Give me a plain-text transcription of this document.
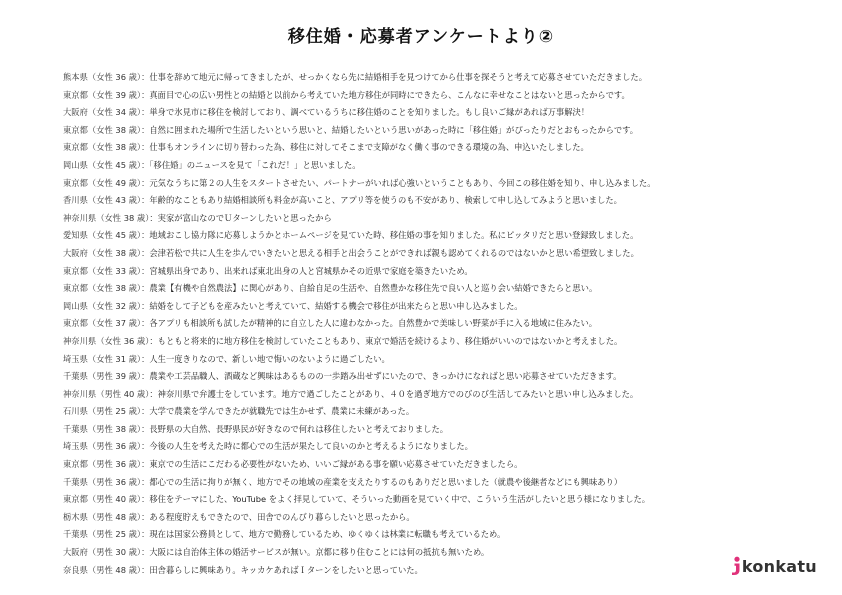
移住婚・応募者アンケートより②
熊本県（女性 36 歳）：仕事を辞めて地元に帰ってきましたが、せっかくなら先に結婚相手を見つけてから仕事を探そうと考えて応募させていただきました。
東京都（女性 39 歳）：真面目で心の広い男性との結婚と以前から考えていた地方移住が同時にできたら、こんなに幸せなことはないと思ったからです。
大阪府（女性 34 歳）：単身で氷見市に移住を検討しており、調べているうちに移住婚のことを知りました。もし良いご縁があれば万事解決！
東京都（女性 38 歳）：自然に囲まれた場所で生活したいという思いと、結婚したいという思いがあった時に「移住婚」がぴったりだとおもったからです。
東京都（女性 38 歳）：仕事もオンラインに切り替わった為、移住に対してそこまで支障がなく働く事のできる環境の為、申込いたしました。
岡山県（女性 45 歳）：「移住婚」のニュースを見て「これだ！」と思いました。
東京都（女性 49 歳）：元気なうちに第２の人生をスタートさせたい、パートナーがいれば心強いということもあり、今回この移住婚を知り、申し込みました。
香川県（女性 43 歳）：年齢的なこともあり結婚相談所も料金が高いこと、アプリ等を使うのも不安があり、検索して申し込してみようと思いました。
神奈川県（女性 38 歳）：実家が富山なのでＵターンしたいと思ったから
愛知県（女性 45 歳）：地域おこし協力隊に応募しようかとホームページを見ていた時、移住婚の事を知りました。私にピッタリだと思い登録致しました。
大阪府（女性 38 歳）：会津若松で共に人生を歩んでいきたいと思える相手と出会うことができれば親も認めてくれるのではないかと思い希望致しました。
東京都（女性 33 歳）：宮城県出身であり、出来れば東北出身の人と宮城県かその近県で家庭を築きたいため。
東京都（女性 38 歳）：農業【有機や自然農法】に関心があり、自給自足の生活や、自然豊かな移住先で良い人と巡り会い結婚できたらと思い。
岡山県（女性 32 歳）：結婚をして子どもを産みたいと考えていて、結婚する機会で移住が出来たらと思い申し込みました。
東京都（女性 37 歳）：各アプリも相談所も試したが精神的に自立した人に違わなかった。自然豊かで美味しい野菜が手に入る地域に住みたい。
神奈川県（女性 36 歳）：もともと将来的に地方移住を検討していたこともあり、東京で婚活を続けるより、移住婚がいいのではないかと考えました。
埼玉県（女性 31 歳）：人生一度きりなので、新しい地で悔いのないように過ごしたい。
千葉県（男性 39 歳）：農業や工芸品職人、酒蔵など興味はあるものの一歩踏み出せずにいたので、きっかけになればと思い応募させていただきます。
神奈川県（男性 40 歳）：神奈川県で弁護士をしています。地方で過ごしたことがあり、４０を過ぎ地方でのびのび生活してみたいと思い申し込みました。
石川県（男性 25 歳）：大学で農業を学んできたが就職先では生かせず、農業に未練があった。
千葉県（男性 38 歳）：長野県の大自然、長野県民が好きなので何れは移住したいと考えておりました。
埼玉県（男性 36 歳）：今後の人生を考えた時に都心での生活が果たして良いのかと考えるようになりました。
東京都（男性 36 歳）：東京での生活にこだわる必要性がないため、いいご縁がある事を願い応募させていただきましたら。
千葉県（男性 36 歳）：都心での生活に拘りが無く、地方でその地域の産業を支えたりするのもありだと思いました（就農や後継者などにも興味あり）
東京都（男性 40 歳）：移住をテーマにした、YouTube をよく拝見していて、そういった動画を見ていく中で、こういう生活がしたいと思う様になりました。
栃木県（男性 48 歳）：ある程度貯えもできたので、田舎でのんびり暮らしたいと思ったから。
千葉県（男性 25 歳）：現在は国家公務員として、地方で勤務しているため、ゆくゆくは林業に転職も考えているため。
大阪府（男性 30 歳）：大阪には自治体主体の婚活サービスが無い。京都に移り住むことには何の抵抗も無いため。
奈良県（男性 48 歳）：田舎暮らしに興味あり。キッカケあればＩターンをしたいと思っていた。	konkatu
